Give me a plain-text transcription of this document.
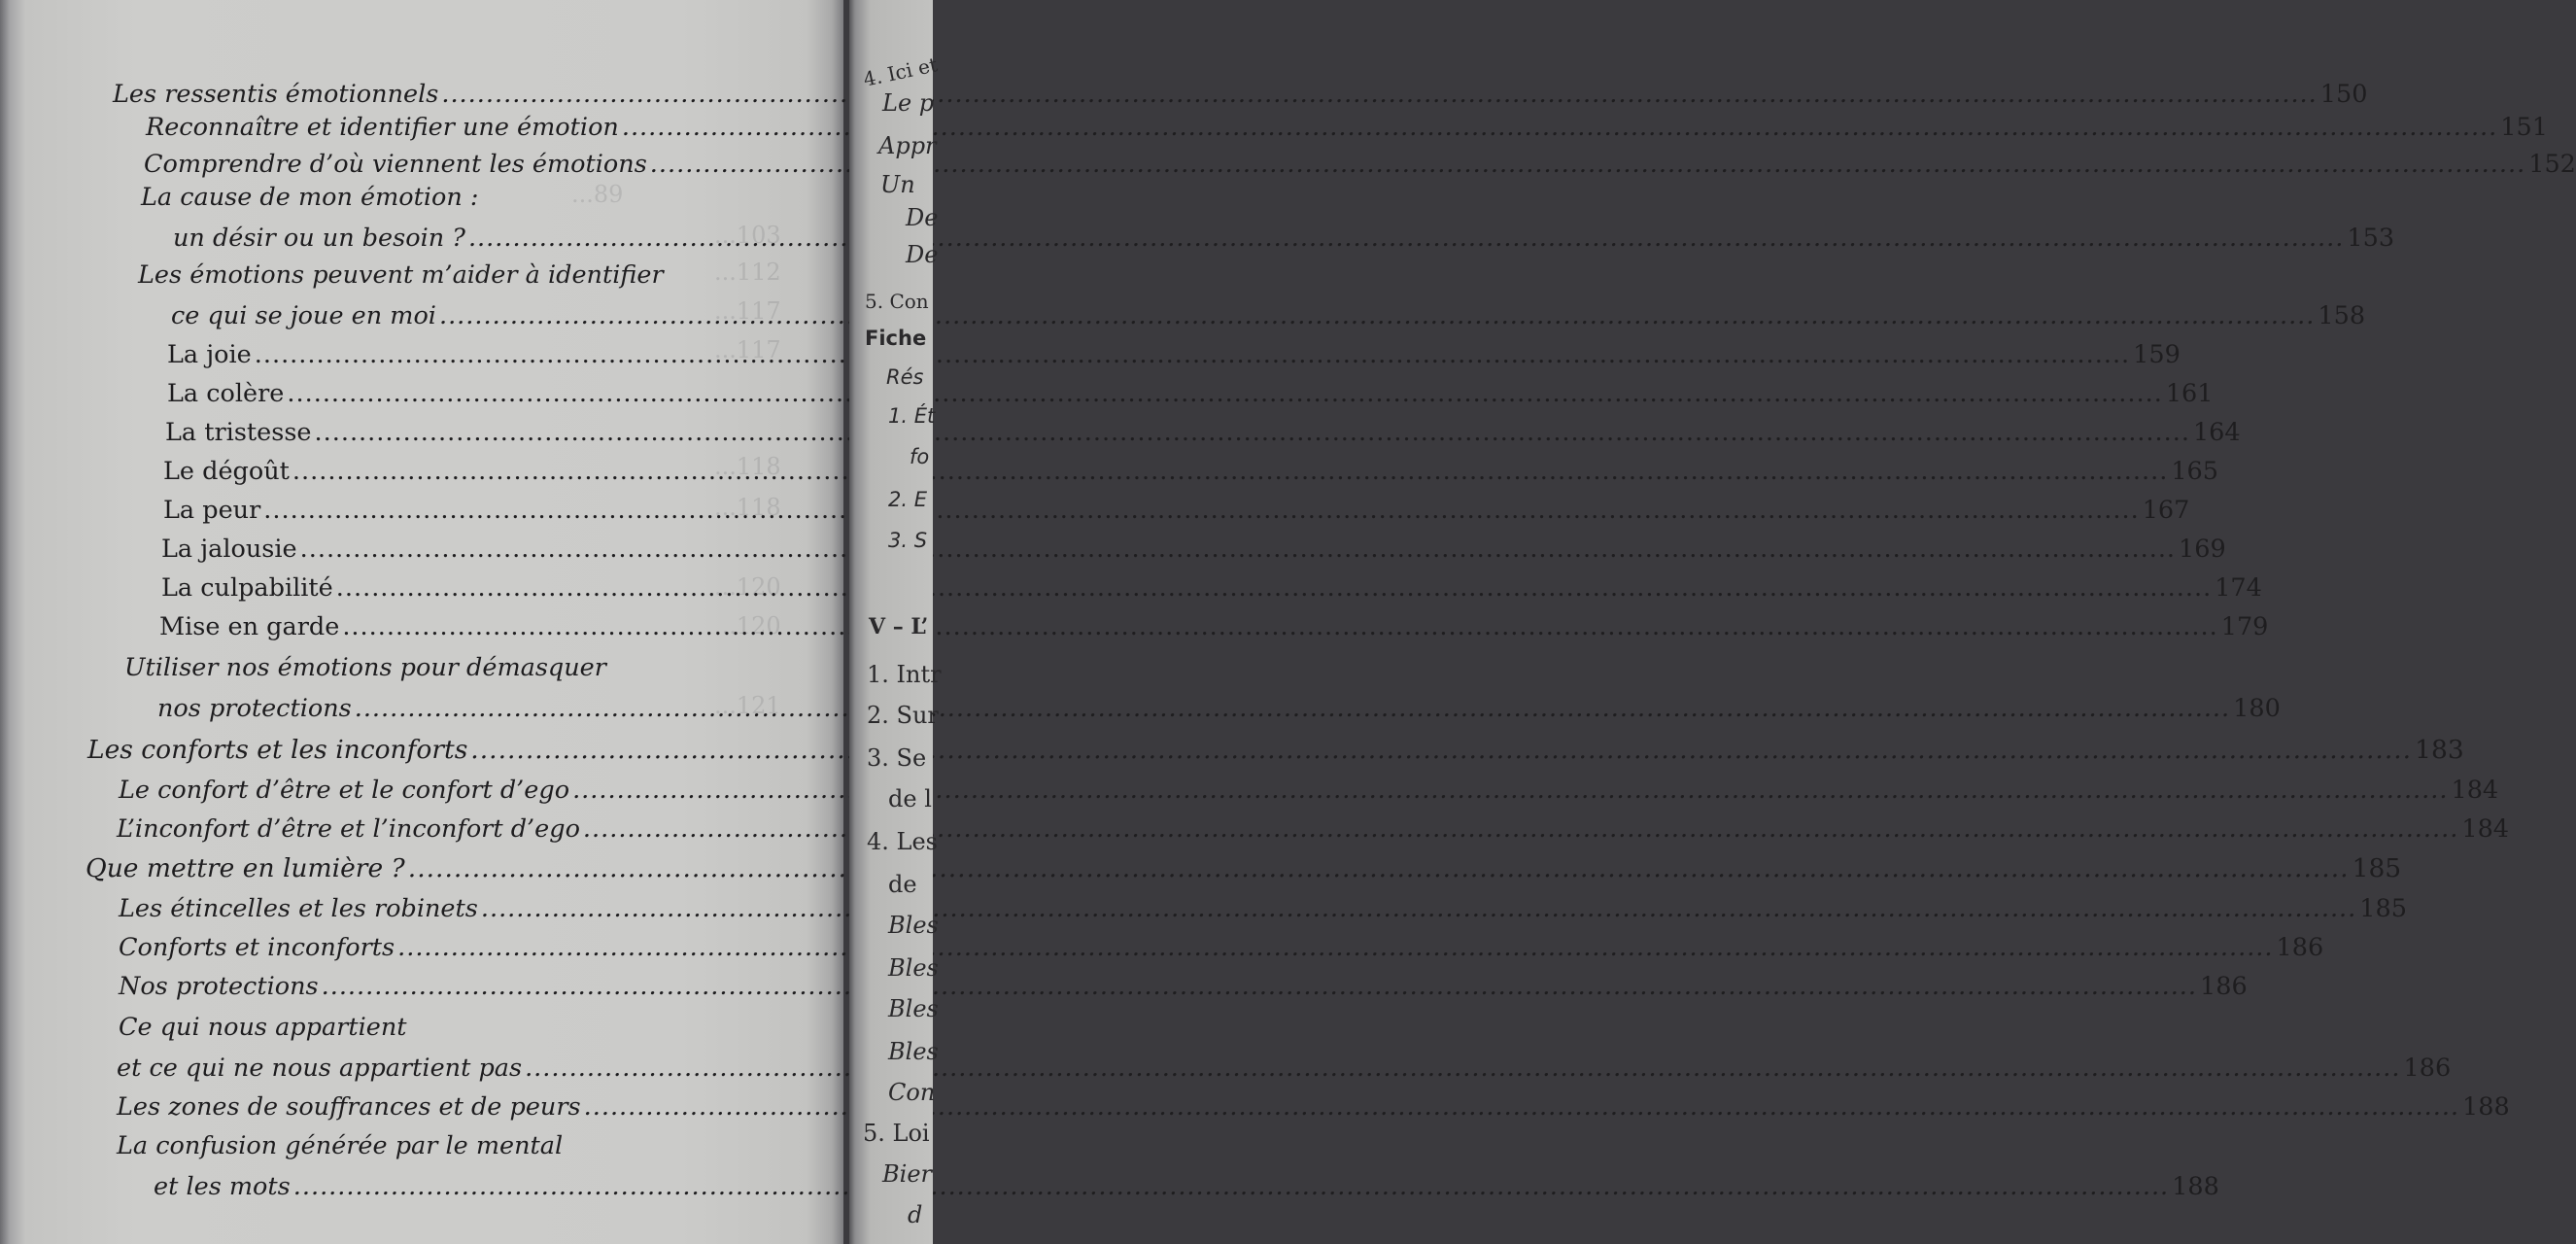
...89
...103
...112
...117
...117
...118
...118
...120
...120
...121
Les ressentis émotionnels .....	150
Reconnaître et identifier une émotion .....	151
Comprendre d’où viennent les émotions .....	152
La cause de mon émotion :
un désir ou un besoin ? .....	153
Les émotions peuvent m’aider à identifier
ce qui se joue en moi .....	158
La joie .....	159
La colère .....	161
La tristesse .....	164
Le dégoût .....	165
La peur .....	167
La jalousie .....	169
La culpabilité .....	174
Mise en garde .....	179
Utiliser nos émotions pour démasquer
nos protections .....	180
Les conforts et les inconforts .....	183
Le confort d’être et le confort d’ego .....	184
L’inconfort d’être et l’inconfort d’ego .....	184
Que mettre en lumière ? .....	185
Les étincelles et les robinets .....	185
Conforts et inconforts .....	186
Nos protections .....	186
Ce qui nous appartient
et ce qui ne nous appartient pas .....	186
Les zones de souffrances et de peurs .....	188
La confusion générée par le mental
et les mots .....	188
4. Ici et
Le p
Appr
Un
De
De
5. Con
Fiche
Rés
1. Ét
fo
2. E
3. S
V – L’
1. Intr
2. Sur
3. Se
de l
4. Les
de
Bles
Bles
Bles
Bles
Con
5. Loi
Bier
d
